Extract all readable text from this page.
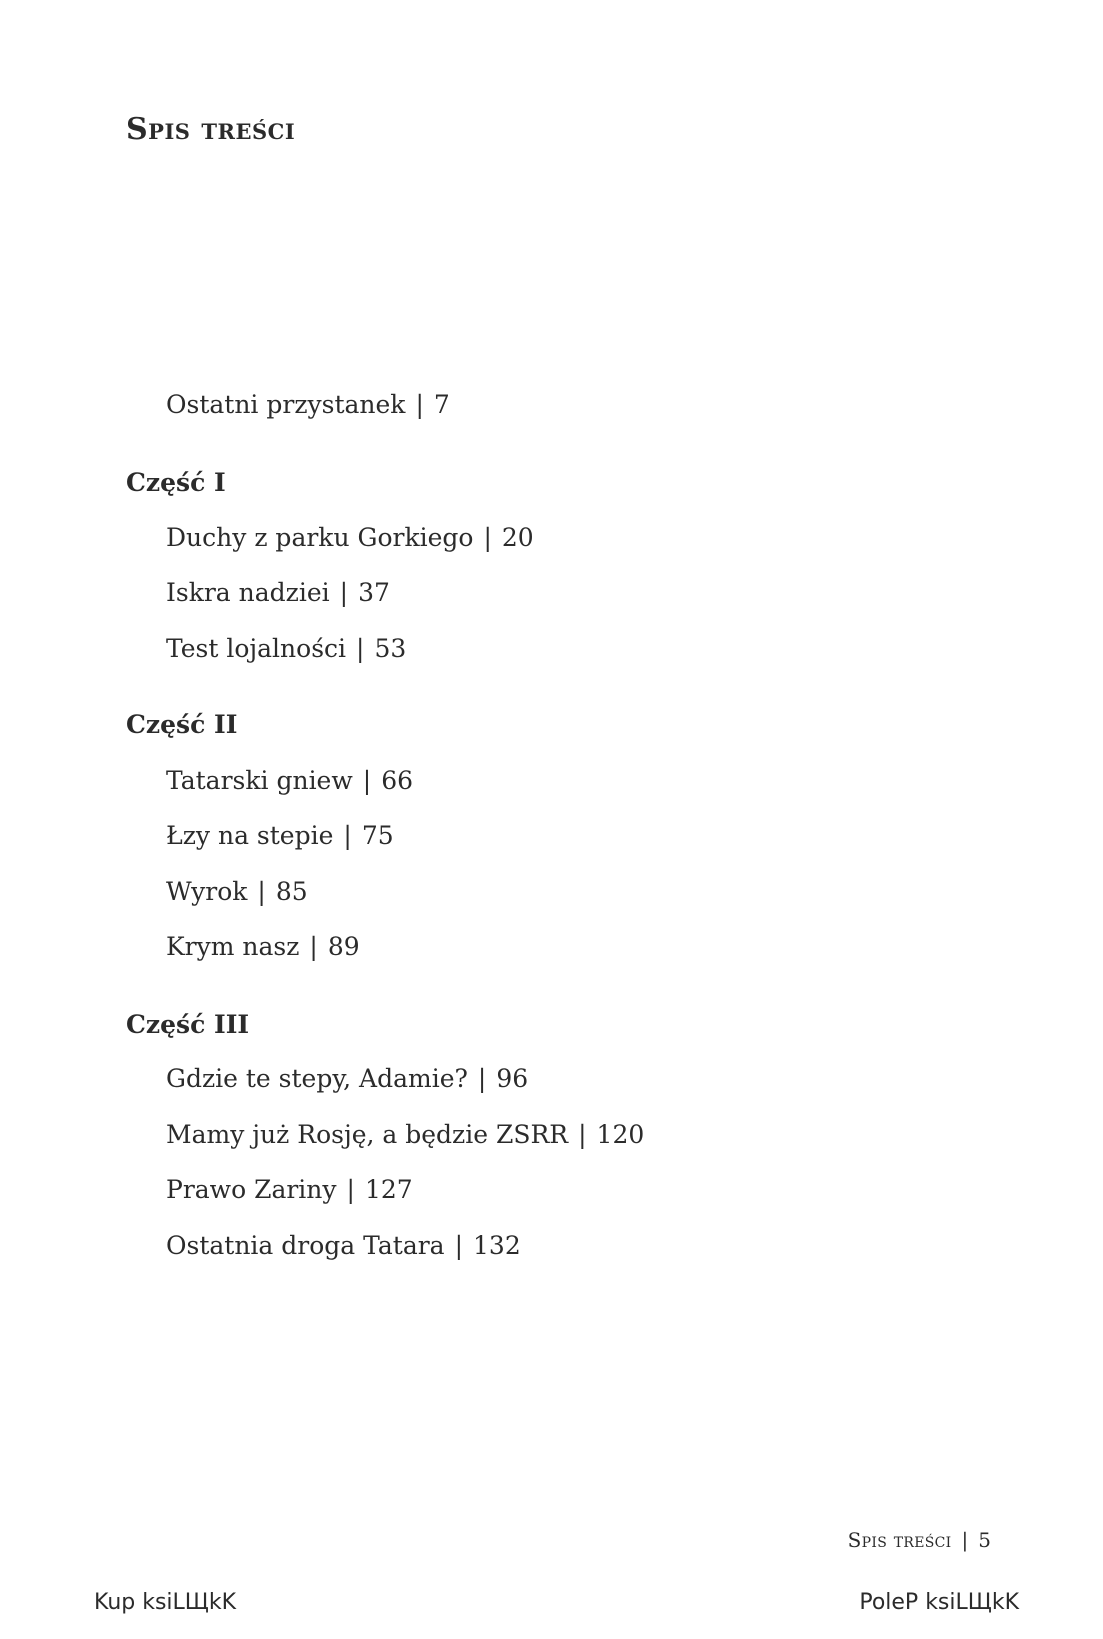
Spis treści
Ostatni przystanek | 7
Część I
Duchy z parku Gorkiego | 20
Iskra nadziei | 37
Test lojalności | 53
Część II
Tatarski gniew | 66
Łzy na stepie | 75
Wyrok | 85
Krym nasz | 89
Część III
Gdzie te stepy, Adamie? | 96
Mamy już Rosję, a będzie ZSRR | 120
Prawo Zariny | 127
Ostatnia droga Tatara | 132
Spis treści | 5
Kup ksiLЩkK	PoleP ksiLЩkK
